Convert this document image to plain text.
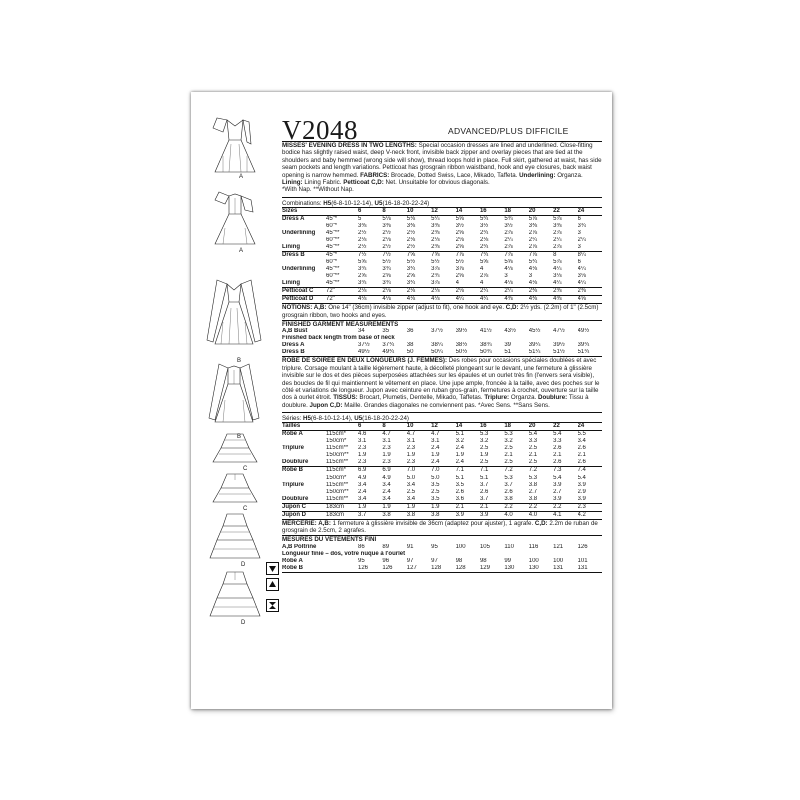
A
A
B
B
C
C
D
D
V2048	ADVANCED/PLUS DIFFICILE

MISSES' EVENING DRESS IN TWO LENGTHS: Special occasion dresses are lined and underlined. Close-fitting bodice has slightly raised waist, deep V-neck front, invisible back zipper and overlay pieces that are tied at the shoulders and baby hemmed (wrong side will show), thread loops hold in place. Full skirt, gathered at waist, has side seam pockets and length variations. Petticoat has grosgrain ribbon waistband, hook and eye closures, back waist opening is narrow hemmed. FABRICS: Brocade, Dotted Swiss, Lace, Mikado, Taffeta. Underlining: Organza. Lining: Lining Fabric. Petticoat C,D: Net. Unsuitable for obvious diagonals.
*With Nap. **Without Nap.

Combinations: H5(6-8-10-12-14), U5(16-18-20-22-24)
Sizes		6	8	10	12	14	16	18	20	22	24
Dress A	45"*	5	5⅛	5⅛	5¼	5⅝	5¾	5¾	5⅞	5⅞	6
	60"*	3⅜	3⅜	3⅜	3⅜	3½	3½	3½	3⅜	3⅜	3¾
Underlining	45"**	2½	2½	2½	2⅜	2⅝	2¾	2⅞	2⅞	2⅞	3
	60"**	2⅛	2⅛	2⅛	2⅛	2⅛	2⅛	2¼	2¼	2¼	2¼
Lining	45"**	2½	2½	2½	2⅜	2⅝	2¾	2⅞	2⅞	2⅞	3
Dress B	45"*	7½	7½	7⅝	7⅝	7⅞	7¾	7⅞	7⅞	8	8¼
	60"*	5⅝	5½	5½	5½	5½	5⅝	5⅝	5¾	5⅞	6
Underlining	45"**	3¾	3¾	3¾	3⅞	3⅞	4	4⅛	4⅛	4¼	4¼
	60"**	2⅝	2⅝	2⅝	2¾	2⅝	2⅞	3	3	3⅛	3⅛
Lining	45"**	3¾	3¾	3¾	3⅞	4	4	4⅛	4⅛	4¼	4¼
Petticoat C	72"	2⅛	2⅛	2⅛	2⅛	2⅛	2¼	2¼	2⅜	2⅜	2⅜
Petticoat D	72"	4⅛	4⅛	4⅛	4⅛	4¼	4¼	4⅜	4⅜	4⅜	4⅝

NOTIONS: A,B: One 14" (36cm) invisible zipper (adjust to fit), one hook and eye. C,D: 2½ yds. (2.2m) of 1" (2.5cm) grosgrain ribbon, two hooks and eyes.

FINISHED GARMENT MEASUREMENTS
A,B Bust	34	35	36	37½	39½	41½	43½	45½	47½	49½
Finished back length from base of neck										
Dress A	37½	37¾	38	38¼	38½	38¾	39	39¼	39½	39¾
Dress B	49½	49¾	50	50¼	50½	50¾	51	51¼	51½	51¾

ROBE DE SOIRÉE EN DEUX LONGUEURS (J. FEMMES): Des robes pour occasions spéciales doublées et avec triplure. Corsage moulant à taille légèrement haute, à décolleté plongeant sur le devant, une fermeture à glissière invisible sur le dos et des pièces superposées attachées sur les épaules et un ourlet très fin (l'envers sera visible), des boucles de fil qui maintiennent le vêtement en place. Une jupe ample, froncée à la taille, avec des poches sur le côté et variations de longueur. Jupon avec ceinture en ruban gros-grain, fermetures à crochet, ouverture sur la taille dos à ourlet étroit. TISSUS: Brocart, Plumetis, Dentelle, Mikado, Taffetas. Triplure: Organza. Doublure: Tissu à doublure. Jupon C,D: Maille. Grandes diagonales ne conviennent pas. *Avec Sens. **Sans Sens.

Séries: H5(6-8-10-12-14), U5(16-18-20-22-24)
Tailles		6	8	10	12	14	16	18	20	22	24
Robe A	115cm*	4.6	4.7	4.7	4.7	5.1	5.3	5.3	5.4	5.4	5.5
	150cm*	3.1	3.1	3.1	3.1	3.2	3.2	3.2	3.3	3.3	3.4
Triplure	115cm**	2.3	2.3	2.3	2.4	2.4	2.5	2.5	2.5	2.6	2.6
	150cm**	1.9	1.9	1.9	1.9	1.9	1.9	2.1	2.1	2.1	2.1
Doublure	115cm**	2.3	2.3	2.3	2.4	2.4	2.5	2.5	2.5	2.6	2.6
Robe B	115cm*	6.9	6.9	7.0	7.0	7.1	7.1	7.2	7.2	7.3	7.4
	150cm*	4.9	4.9	5.0	5.0	5.1	5.1	5.3	5.3	5.4	5.4
Triplure	115cm**	3.4	3.4	3.4	3.5	3.5	3.7	3.7	3.8	3.9	3.9
	150cm**	2.4	2.4	2.5	2.5	2.6	2.6	2.6	2.7	2.7	2.9
Doublure	115cm**	3.4	3.4	3.4	3.5	3.6	3.7	3.8	3.8	3.9	3.9
Jupon C	183cm	1.9	1.9	1.9	1.9	2.1	2.1	2.2	2.2	2.2	2.3
Jupon D	183cm	3.7	3.8	3.8	3.8	3.9	3.9	4.0	4.0	4.1	4.2

MERCERIE: A,B: 1 fermeture à glissière invisible de 36cm (adaptez pour ajuster), 1 agrafe. C,D: 2.2m de ruban de grosgrain de 2.5cm, 2 agrafes.

MESURES DU VÊTEMENTS FINI
A,B Poltrine	86	89	91	95	100	105	110	116	121	126
Longueur finie – dos, votre nuque à l'ourlet										
Robe A	95	96	97	97	98	98	99	100	100	101
Robe B	126	126	127	128	128	129	130	130	131	131
